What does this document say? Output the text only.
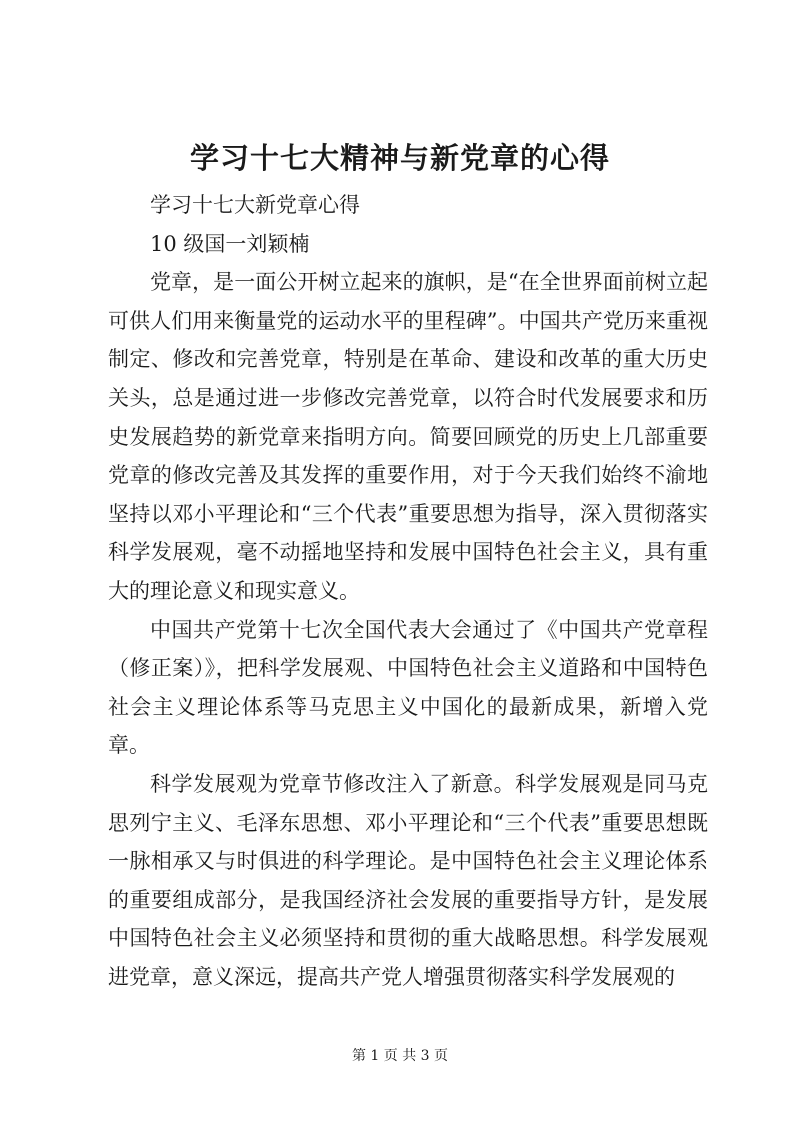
学习十七大精神与新党章的心得

学习十七大新党章心得

10 级国一刘颖楠

党章，是一面公开树立起来的旗帜，是“在全世界面前树立起可供人们用来衡量党的运动水平的里程碑”。中国共产党历来重视制定、修改和完善党章，特别是在革命、建设和改革的重大历史关头，总是通过进一步修改完善党章，以符合时代发展要求和历史发展趋势的新党章来指明方向。简要回顾党的历史上几部重要党章的修改完善及其发挥的重要作用，对于今天我们始终不渝地坚持以邓小平理论和“三个代表”重要思想为指导，深入贯彻落实科学发展观，毫不动摇地坚持和发展中国特色社会主义，具有重大的理论意义和现实意义。

中国共产党第十七次全国代表大会通过了《中国共产党章程（修正案）》，把科学发展观、中国特色社会主义道路和中国特色社会主义理论体系等马克思主义中国化的最新成果，新增入党章。

科学发展观为党章节修改注入了新意。科学发展观是同马克思列宁主义、毛泽东思想、邓小平理论和“三个代表”重要思想既一脉相承又与时俱进的科学理论。是中国特色社会主义理论体系的重要组成部分，是我国经济社会发展的重要指导方针，是发展中国特色社会主义必须坚持和贯彻的重大战略思想。科学发展观进党章，意义深远，提高共产党人增强贯彻落实科学发展观的

第 1 页 共 3 页
